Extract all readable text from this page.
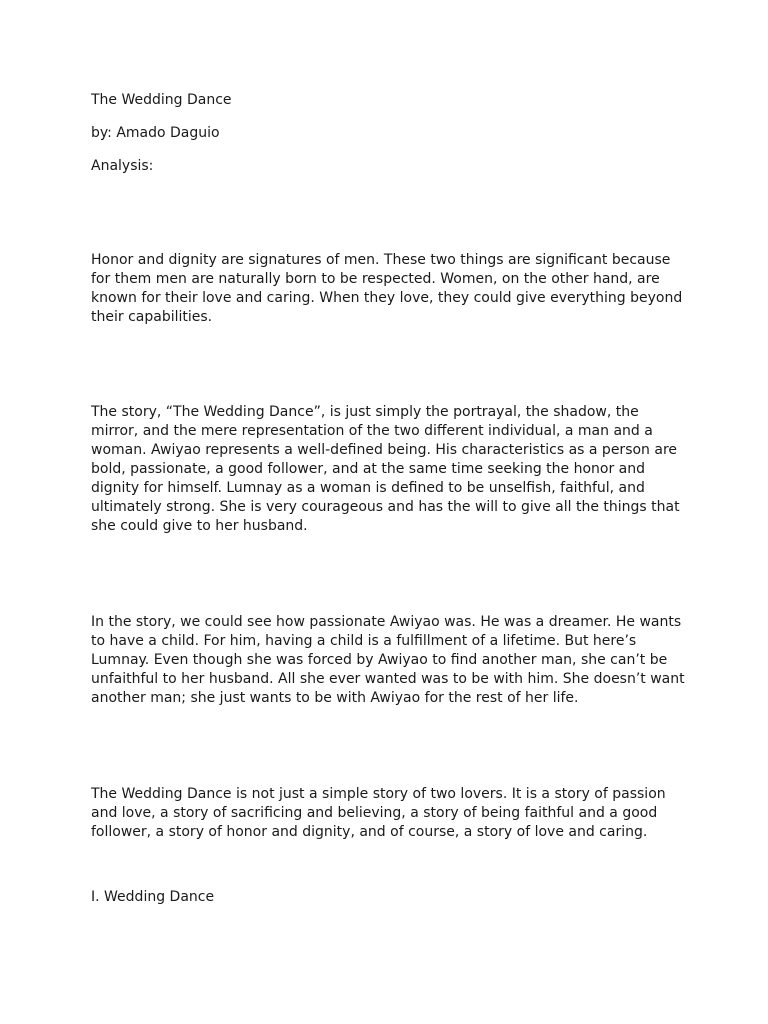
The Wedding Dance

by: Amado Daguio

Analysis:

Honor and dignity are signatures of men. These two things are significant because
for them men are naturally born to be respected. Women, on the other hand, are
known for their love and caring. When they love, they could give everything beyond
their capabilities.
The story, “The Wedding Dance”, is just simply the portrayal, the shadow, the
mirror, and the mere representation of the two different individual, a man and a
woman. Awiyao represents a well-defined being. His characteristics as a person are
bold, passionate, a good follower, and at the same time seeking the honor and
dignity for himself. Lumnay as a woman is defined to be unselfish, faithful, and
ultimately strong. She is very courageous and has the will to give all the things that
she could give to her husband.
In the story, we could see how passionate Awiyao was. He was a dreamer. He wants
to have a child. For him, having a child is a fulfillment of a lifetime. But here’s
Lumnay. Even though she was forced by Awiyao to find another man, she can’t be
unfaithful to her husband. All she ever wanted was to be with him. She doesn’t want
another man; she just wants to be with Awiyao for the rest of her life.
The Wedding Dance is not just a simple story of two lovers. It is a story of passion
and love, a story of sacrificing and believing, a story of being faithful and a good
follower, a story of honor and dignity, and of course, a story of love and caring.

I. Wedding Dance
